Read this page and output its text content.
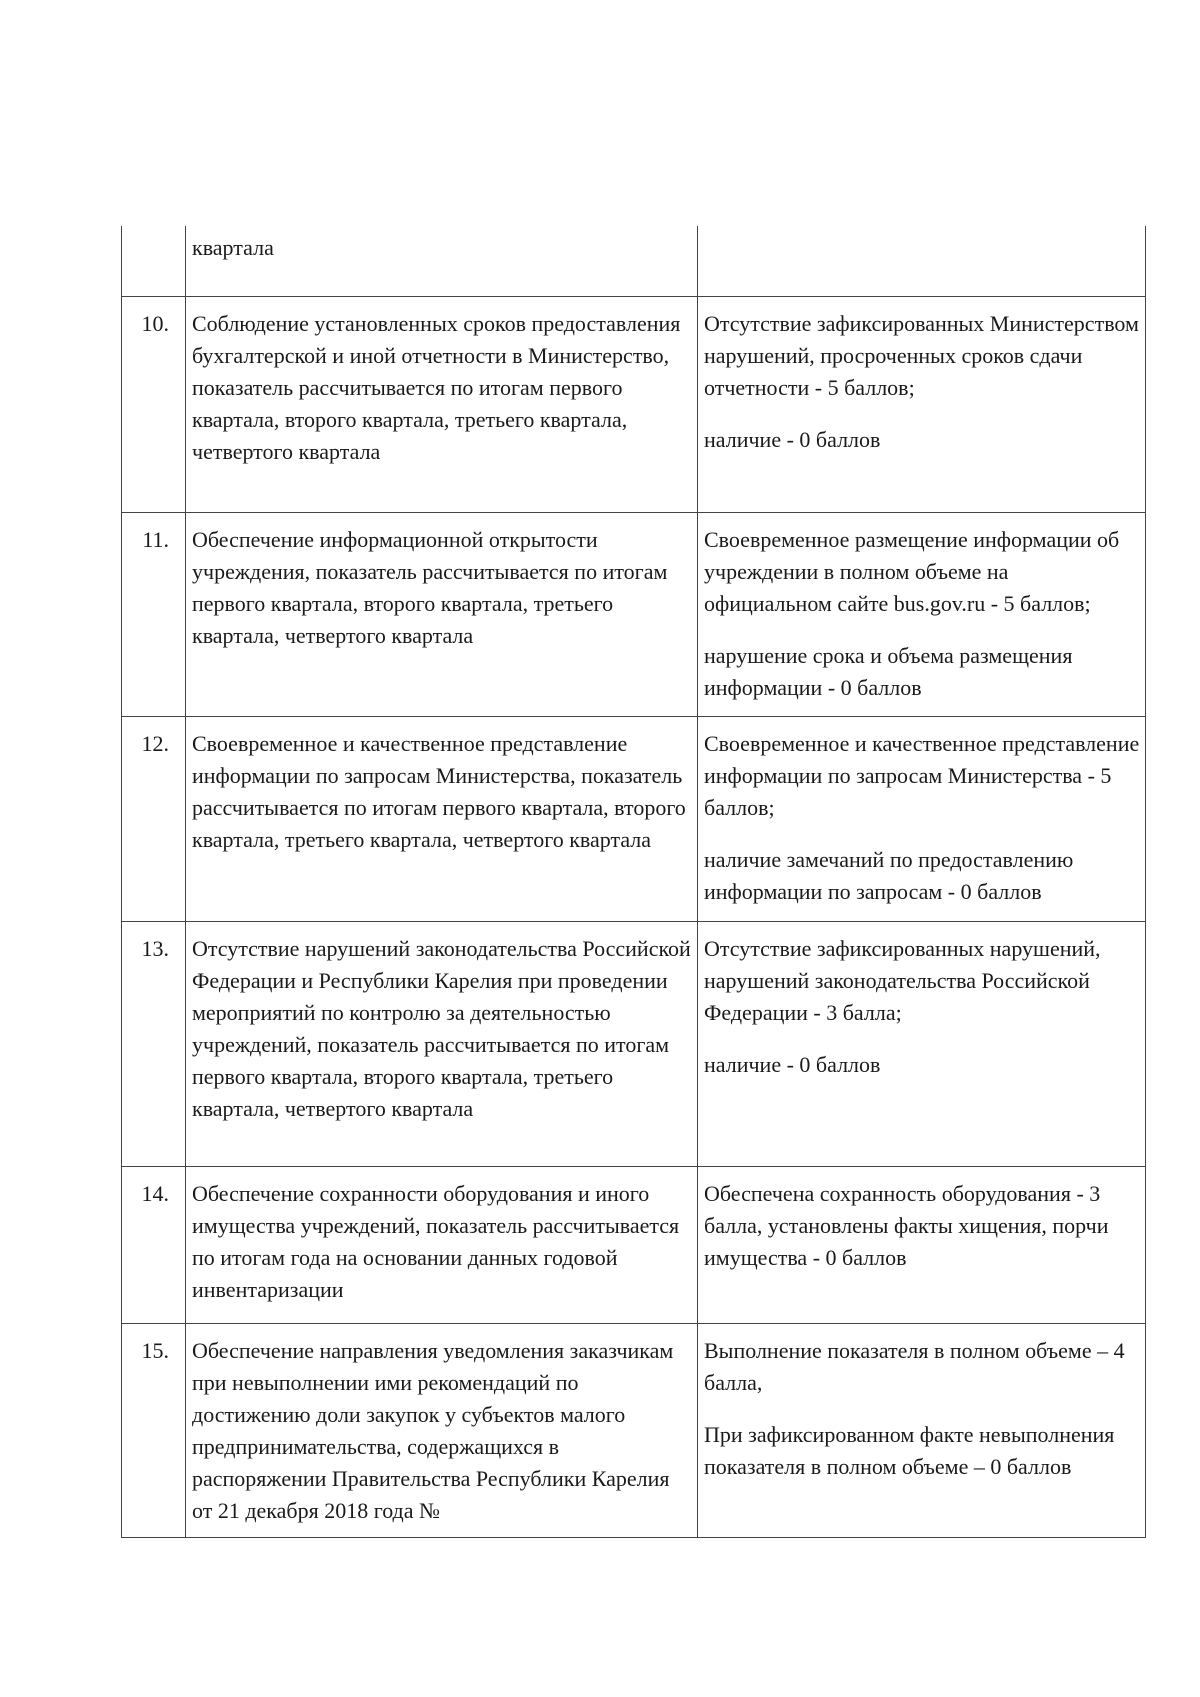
	квартала	

10.	Соблюдение установленных сроков предоставления бухгалтерской и иной отчетности в Министерство, показатель рассчитывается по итогам первого квартала, второго квартала, третьего квартала, четвертого квартала	Отсутствие зафиксированных Министерством нарушений, просроченных сроков сдачи отчетности - 5 баллов;

наличие - 0 баллов

11.	Обеспечение информационной открытости учреждения, показатель рассчитывается по итогам первого квартала, второго квартала, третьего квартала, четвертого квартала	Своевременное размещение информации об учреждении в полном объеме на официальном сайте bus.gov.ru - 5 баллов;

нарушение срока и объема размещения информации - 0 баллов

12.	Своевременное и качественное представление информации по запросам Министерства, показатель рассчитывается по итогам первого квартала, второго квартала, третьего квартала, четвертого квартала	Своевременное и качественное представление информации по запросам Министерства - 5 баллов;

наличие замечаний по предоставлению информации по запросам - 0 баллов

13.	Отсутствие нарушений законодательства Российской Федерации и Республики Карелия при проведении мероприятий по контролю за деятельностью учреждений, показатель рассчитывается по итогам первого квартала, второго квартала, третьего квартала, четвертого квартала	Отсутствие зафиксированных нарушений, нарушений законодательства Российской Федерации - 3 балла;

наличие - 0 баллов

14.	Обеспечение сохранности оборудования и иного имущества учреждений, показатель рассчитывается по итогам года на основании данных годовой инвентаризации	Обеспечена сохранность оборудования - 3 балла, установлены факты хищения, порчи имущества - 0 баллов

15.	Обеспечение направления уведомления заказчикам при невыполнении ими рекомендаций по достижению доли закупок у субъектов малого предпринимательства, содержащихся в распоряжении Правительства Республики Карелия от 21 декабря 2018 года №	Выполнение показателя в полном объеме – 4 балла,

При зафиксированном факте невыполнения показателя в полном объеме – 0 баллов
